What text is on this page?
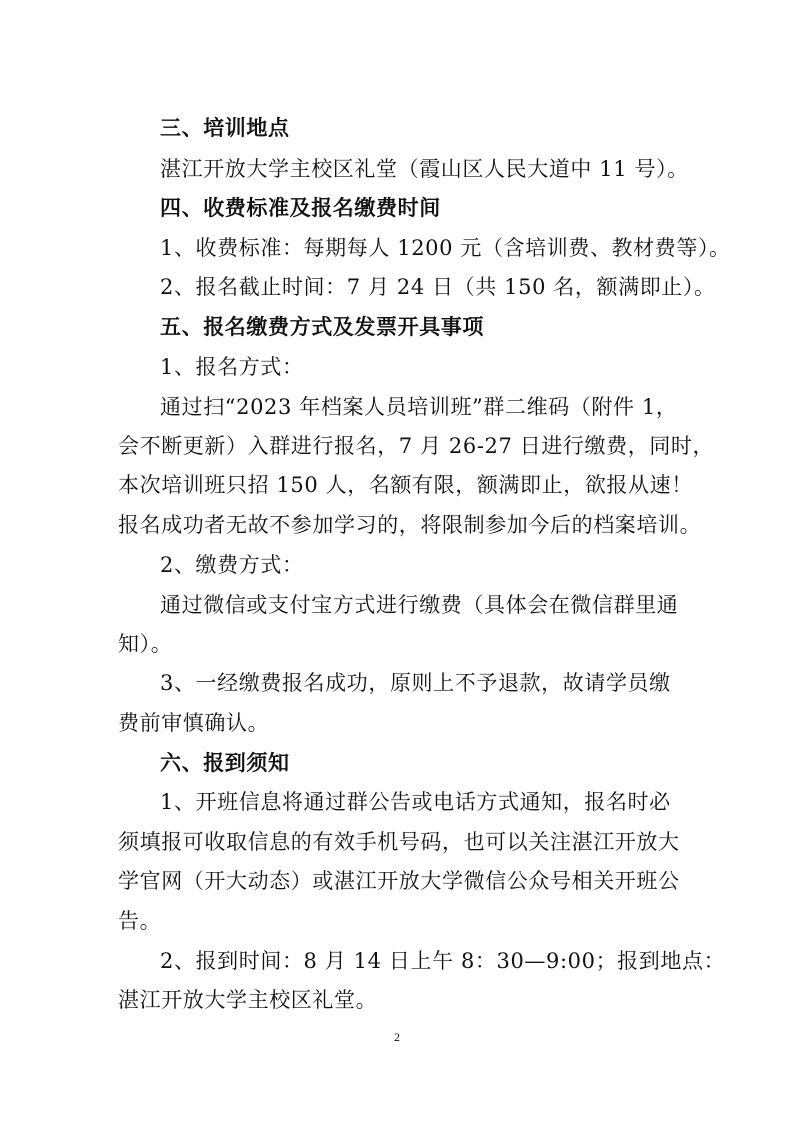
三、培训地点
湛江开放大学主校区礼堂（霞山区人民大道中 11 号）。
四、收费标准及报名缴费时间
1、收费标准：每期每人 1200 元（含培训费、教材费等）。
2、报名截止时间：7 月 24 日（共 150 名，额满即止）。
五、报名缴费方式及发票开具事项
1、报名方式：
通过扫“2023 年档案人员培训班”群二维码（附件 1，
会不断更新）入群进行报名，7 月 26-27 日进行缴费，同时，
本次培训班只招 150 人，名额有限，额满即止，欲报从速！
报名成功者无故不参加学习的，将限制参加今后的档案培训。
2、缴费方式：
通过微信或支付宝方式进行缴费（具体会在微信群里通
知）。
3、一经缴费报名成功，原则上不予退款，故请学员缴
费前审慎确认。
六、报到须知
1、开班信息将通过群公告或电话方式通知，报名时必
须填报可收取信息的有效手机号码，也可以关注湛江开放大
学官网（开大动态）或湛江开放大学微信公众号相关开班公
告。
2、报到时间：8 月 14 日上午 8：30—9:00；报到地点：
湛江开放大学主校区礼堂。
2
